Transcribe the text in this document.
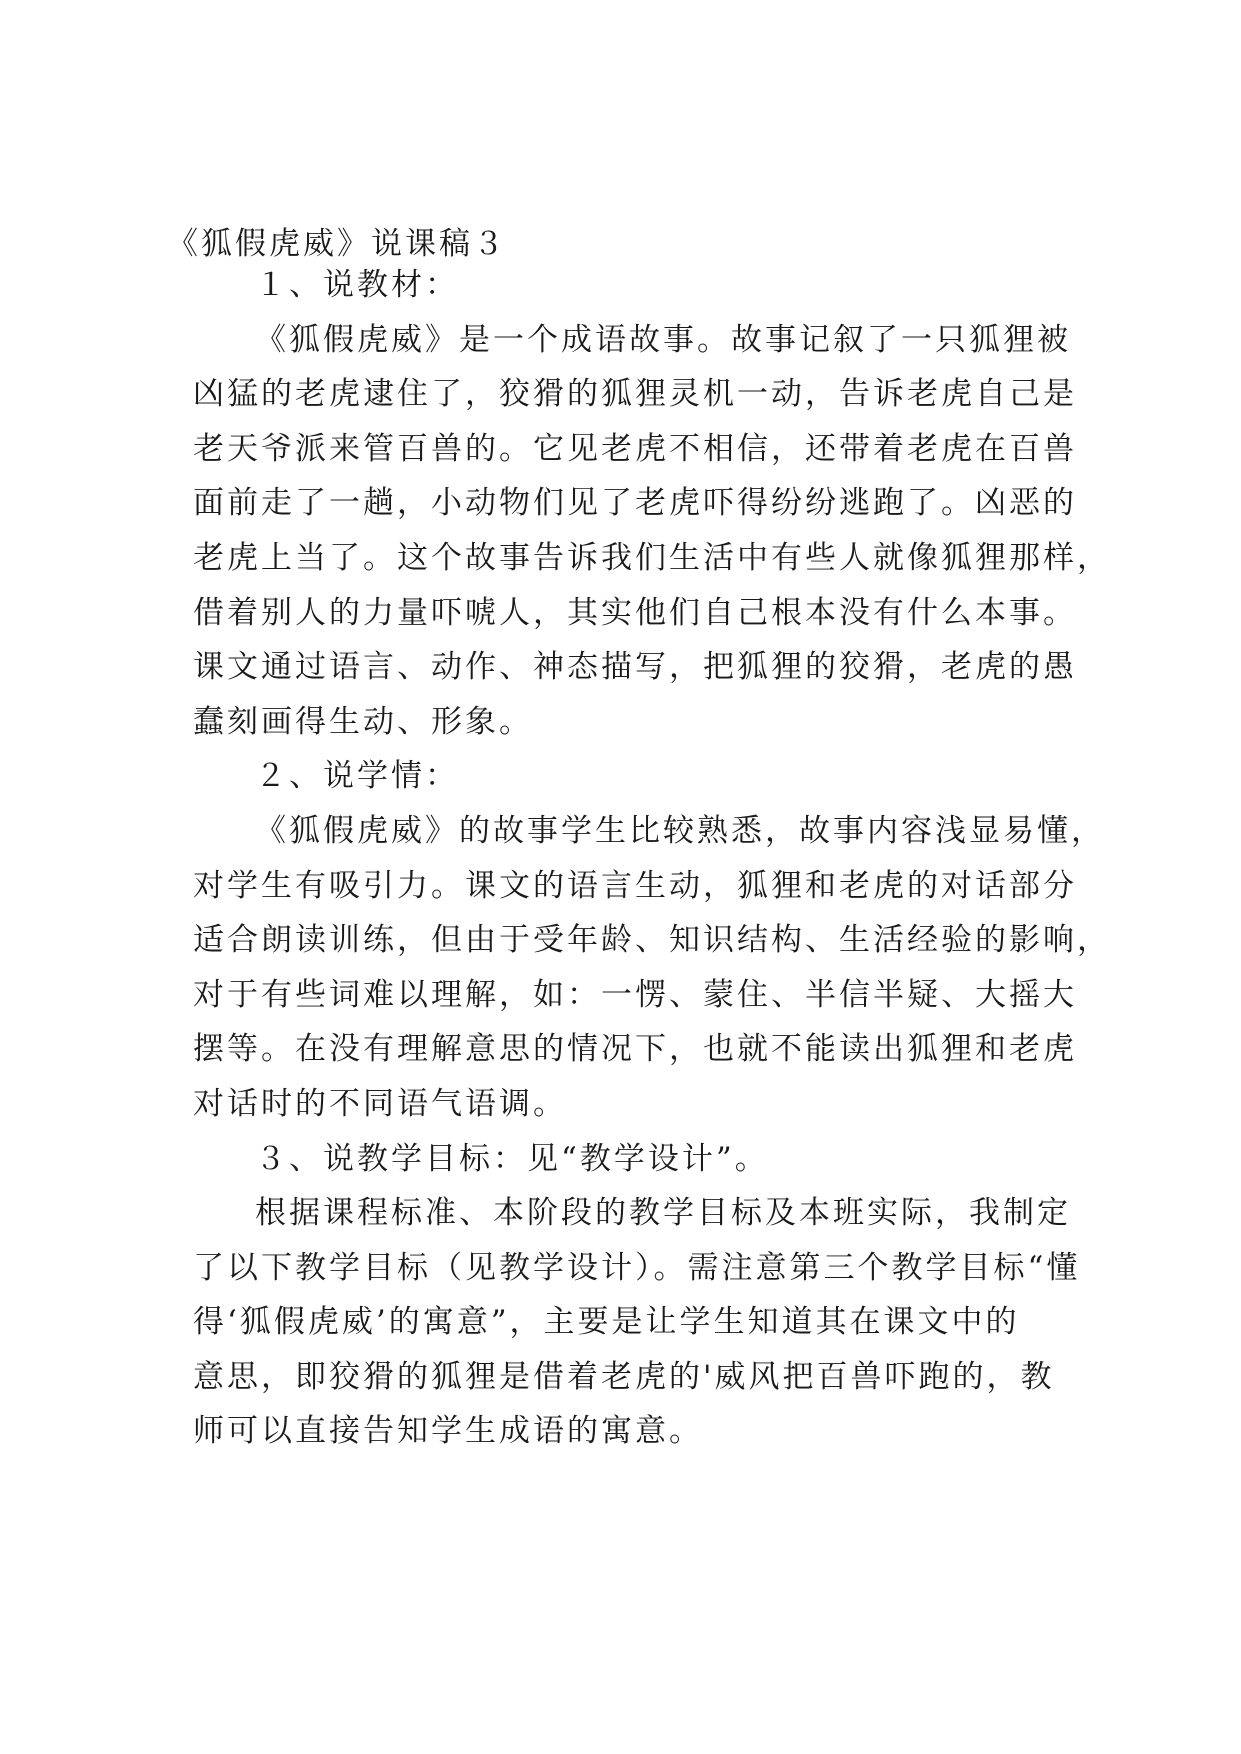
《狐假虎威》说课稿３
１、说教材：
《狐假虎威》是一个成语故事。故事记叙了一只狐狸被
凶猛的老虎逮住了，狡猾的狐狸灵机一动，告诉老虎自己是
老天爷派来管百兽的。它见老虎不相信，还带着老虎在百兽
面前走了一趟，小动物们见了老虎吓得纷纷逃跑了。凶恶的
老虎上当了。这个故事告诉我们生活中有些人就像狐狸那样，
借着别人的力量吓唬人，其实他们自己根本没有什么本事。
课文通过语言、动作、神态描写，把狐狸的狡猾，老虎的愚
蠢刻画得生动、形象。
２、说学情：
《狐假虎威》的故事学生比较熟悉，故事内容浅显易懂，
对学生有吸引力。课文的语言生动，狐狸和老虎的对话部分
适合朗读训练，但由于受年龄、知识结构、生活经验的影响，
对于有些词难以理解，如：一愣、蒙住、半信半疑、大摇大
摆等。在没有理解意思的情况下，也就不能读出狐狸和老虎
对话时的不同语气语调。
３、说教学目标：见“教学设计”。
根据课程标准、本阶段的教学目标及本班实际，我制定
了以下教学目标（见教学设计）。需注意第三个教学目标“懂
得‘狐假虎威’的寓意”，主要是让学生知道其在课文中的
意思，即狡猾的狐狸是借着老虎的'威风把百兽吓跑的，教
师可以直接告知学生成语的寓意。
